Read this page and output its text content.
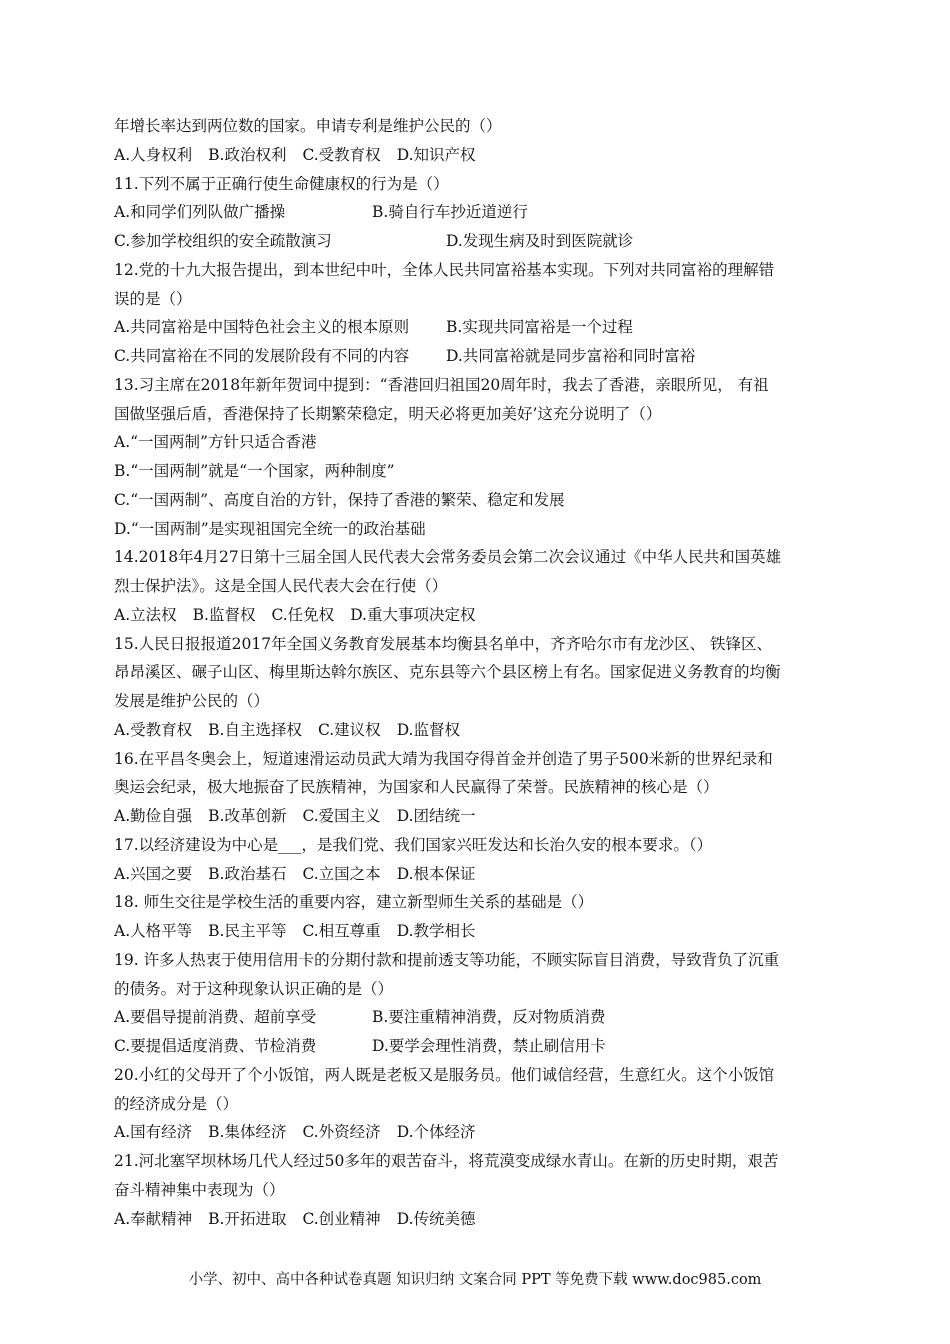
年增长率达到两位数的国家。申请专利是维护公民的（）
A.人身权利 B.政治权利 C.受教育权 D.知识产权
11.下列不属于正确行使生命健康权的行为是（）
A.和同学们列队做广播操	B.骑自行车抄近道逆行
C.参加学校组织的安全疏散演习	D.发现生病及时到医院就诊
12.党的十九大报告提出，到本世纪中叶，全体人民共同富裕基本实现。下列对共同富裕的理解错
误的是（）
A.共同富裕是中国特色社会主义的根本原则	B.实现共同富裕是一个过程
C.共同富裕在不同的发展阶段有不同的内容	D.共同富裕就是同步富裕和同时富裕
13.习主席在2018年新年贺词中提到：“香港回归祖国20周年时，我去了香港，亲眼所见， 有祖
国做坚强后盾，香港保持了长期繁荣稳定，明天必将更加美好’这充分说明了（）
A.“一国两制”方针只适合香港
B.“一国两制”就是“一个国家，两种制度”
C.“一国两制”、高度自治的方针，保持了香港的繁荣、稳定和发展
D.“一国两制”是实现祖国完全统一的政治基础
14.2018年4月27日第十三届全国人民代表大会常务委员会第二次会议通过《中华人民共和国英雄
烈士保护法》。这是全国人民代表大会在行使（）
A.立法权 B.监督权 C.任免权 D.重大事项决定权
15.人民日报报道2017年全国义务教育发展基本均衡县名单中，齐齐哈尔市有龙沙区、 铁锋区、
昂昂溪区、碾子山区、梅里斯达斡尔族区、克东县等六个县区榜上有名。国家促进义务教育的均衡
发展是维护公民的（）
A.受教育权 B.自主选择权 C.建议权 D.监督权
16.在平昌冬奥会上，短道速滑运动员武大靖为我国夺得首金并创造了男子500米新的世界纪录和
奥运会纪录，极大地振奋了民族精神，为国家和人民赢得了荣誉。民族精神的核心是（）
A.勤俭自强 B.改革创新 C.爱国主义 D.团结统一
17.以经济建设为中心是___，是我们党、我们国家兴旺发达和长治久安的根本要求。（）
A.兴国之要 B.政治基石 C.立国之本 D.根本保证
18. 师生交往是学校生活的重要内容，建立新型师生关系的基础是（）
A.人格平等 B.民主平等 C.相互尊重 D.教学相长
19. 许多人热衷于使用信用卡的分期付款和提前透支等功能，不顾实际盲目消费，导致背负了沉重
的债务。对于这种现象认识正确的是（）
A.要倡导提前消费、超前享受	B.要注重精神消费，反对物质消费
C.要提倡适度消费、节检消费	D.要学会理性消费，禁止刷信用卡
20.小红的父母开了个小饭馆，两人既是老板又是服务员。他们诚信经营，生意红火。这个小饭馆
的经济成分是（）
A.国有经济 B.集体经济 C.外资经济 D.个体经济
21.河北塞罕坝林场几代人经过50多年的艰苦奋斗，将荒漠变成绿水青山。在新的历史时期，艰苦
奋斗精神集中表现为（）
A.奉献精神 B.开拓进取 C.创业精神 D.传统美德
小学、初中、高中各种试卷真题 知识归纳 文案合同 PPT 等免费下载 www.doc985.com
